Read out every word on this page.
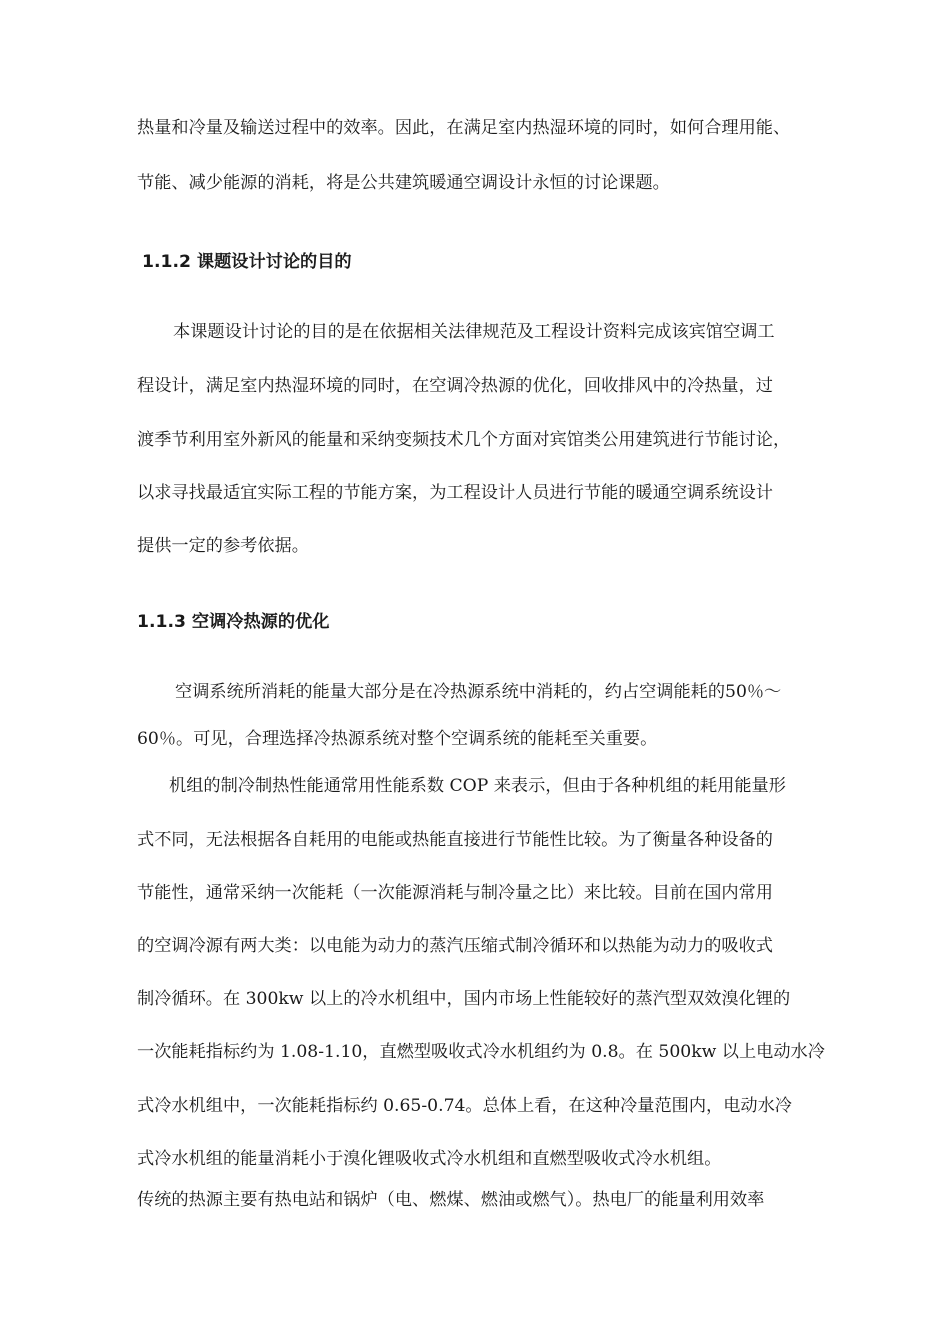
热量和冷量及输送过程中的效率。因此，在满足室内热湿环境的同时，如何合理用能、

节能、减少能源的消耗，将是公共建筑暖通空调设计永恒的讨论课题。

1.1.2 课题设计讨论的目的

本课题设计讨论的目的是在依据相关法律规范及工程设计资料完成该宾馆空调工

程设计，满足室内热湿环境的同时，在空调冷热源的优化，回收排风中的冷热量，过

渡季节利用室外新风的能量和采纳变频技术几个方面对宾馆类公用建筑进行节能讨论，

以求寻找最适宜实际工程的节能方案，为工程设计人员进行节能的暖通空调系统设计

提供一定的参考依据。

1.1.3 空调冷热源的优化

空调系统所消耗的能量大部分是在冷热源系统中消耗的，约占空调能耗的50％～

60％。可见，合理选择冷热源系统对整个空调系统的能耗至关重要。

机组的制冷制热性能通常用性能系数 COP 来表示，但由于各种机组的耗用能量形

式不同，无法根据各自耗用的电能或热能直接进行节能性比较。为了衡量各种设备的

节能性，通常采纳一次能耗（一次能源消耗与制冷量之比）来比较。目前在国内常用

的空调冷源有两大类：以电能为动力的蒸汽压缩式制冷循环和以热能为动力的吸收式

制冷循环。在 300kw 以上的冷水机组中，国内市场上性能较好的蒸汽型双效溴化锂的

一次能耗指标约为 1.08-1.10，直燃型吸收式冷水机组约为 0.8。在 500kw 以上电动水冷

式冷水机组中，一次能耗指标约 0.65-0.74。总体上看，在这种冷量范围内，电动水冷

式冷水机组的能量消耗小于溴化锂吸收式冷水机组和直燃型吸收式冷水机组。

传统的热源主要有热电站和锅炉（电、燃煤、燃油或燃气）。热电厂的能量利用效率
